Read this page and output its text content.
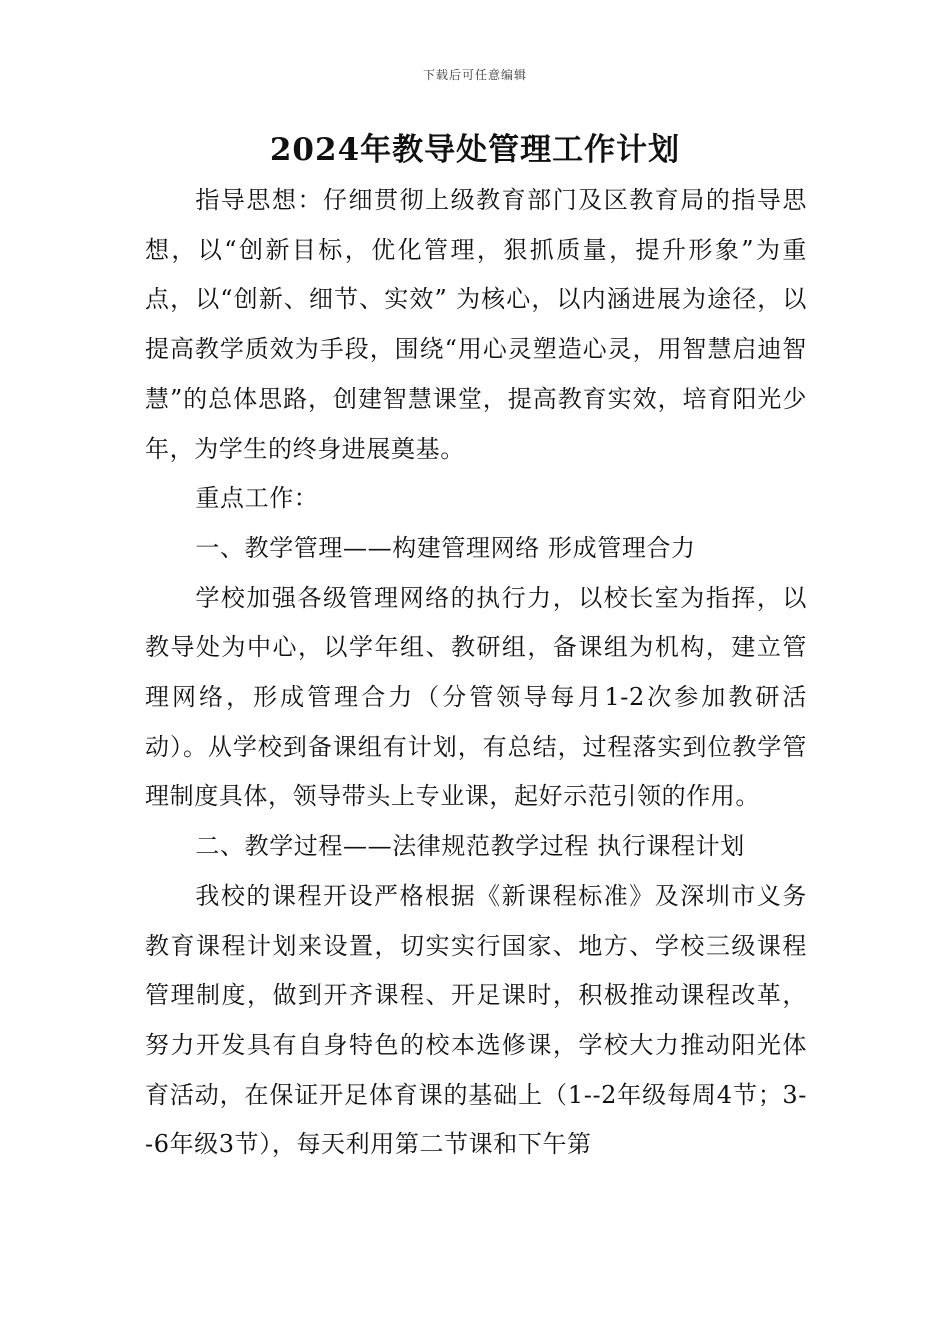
下载后可任意编辑
2024年教导处管理工作计划

指导思想：仔细贯彻上级教育部门及区教育局的指导思想，以“创新目标，优化管理，狠抓质量，提升形象”为重点，以“创新、细节、实效” 为核心，以内涵进展为途径，以提高教学质效为手段，围绕“用心灵塑造心灵，用智慧启迪智慧”的总体思路，创建智慧课堂，提高教育实效，培育阳光少年，为学生的终身进展奠基。

重点工作：

一、教学管理——构建管理网络 形成管理合力

学校加强各级管理网络的执行力，以校长室为指挥，以教导处为中心，以学年组、教研组，备课组为机构，建立管理网络，形成管理合力（分管领导每月1-2次参加教研活动）。从学校到备课组有计划，有总结，过程落实到位教学管理制度具体，领导带头上专业课，起好示范引领的作用。

二、教学过程——法律规范教学过程 执行课程计划

我校的课程开设严格根据《新课程标准》及深圳市义务教育课程计划来设置，切实实行国家、地方、学校三级课程管理制度，做到开齐课程、开足课时，积极推动课程改革，努力开发具有自身特色的校本选修课，学校大力推动阳光体育活动，在保证开足体育课的基础上（1--2年级每周4节；3--6年级3节），每天利用第二节课和下午第
